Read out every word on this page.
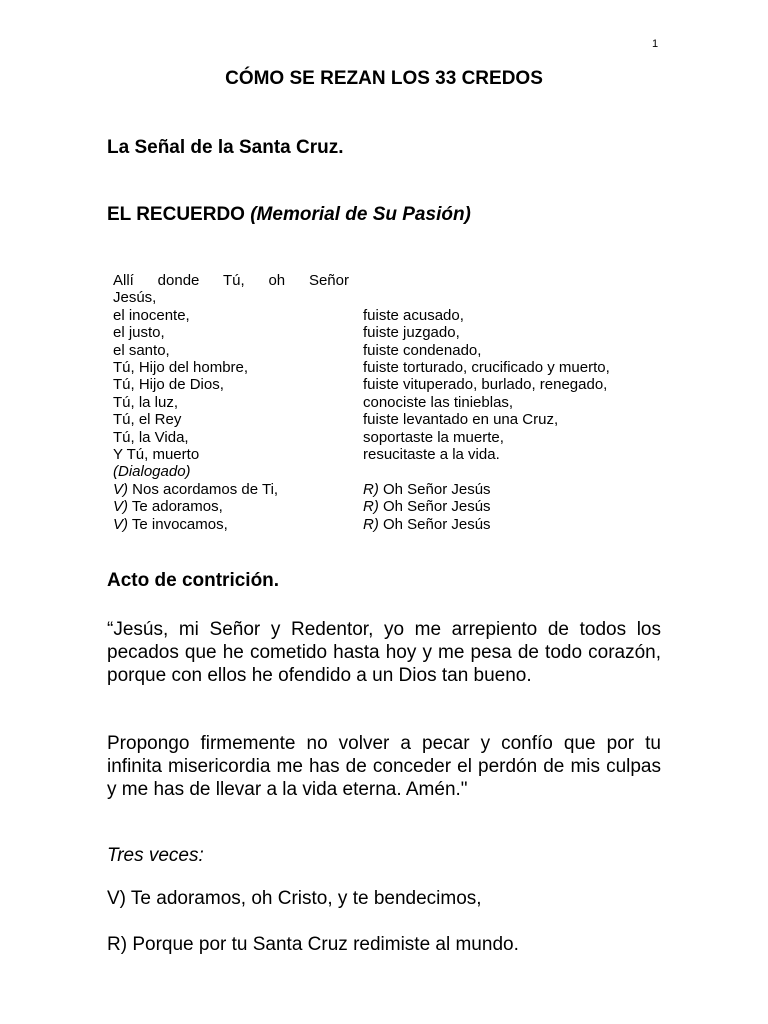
1
CÓMO SE REZAN LOS 33 CREDOS
La Señal de la Santa Cruz.
EL RECUERDO (Memorial de Su Pasión)
Allí donde Tú, oh Señor
Jesús,
el inocente,	fuiste acusado,
el justo,	fuiste juzgado,
el santo,	fuiste condenado,
Tú, Hijo del hombre,	fuiste torturado, crucificado y muerto,
Tú, Hijo de Dios,	fuiste vituperado, burlado, renegado,
Tú, la luz,	conociste las tinieblas,
Tú, el Rey	fuiste levantado en una Cruz,
Tú, la Vida,	soportaste la muerte,
Y Tú, muerto	resucitaste a la vida.
(Dialogado)
V) Nos acordamos de Ti,	R) Oh Señor Jesús
V) Te adoramos,	R) Oh Señor Jesús
V) Te invocamos,	R) Oh Señor Jesús
Acto de contrición.

“Jesús, mi Señor y Redentor, yo me arrepiento de todos los pecados que he cometido hasta hoy y me pesa de todo corazón, porque con ellos he ofendido a un Dios tan bueno.

Propongo firmemente no volver a pecar y confío que por tu infinita misericordia me has de conceder el perdón de mis culpas y me has de llevar a la vida eterna. Amén."

Tres veces:

V) Te adoramos, oh Cristo, y te bendecimos,

R) Porque por tu Santa Cruz redimiste al mundo.
